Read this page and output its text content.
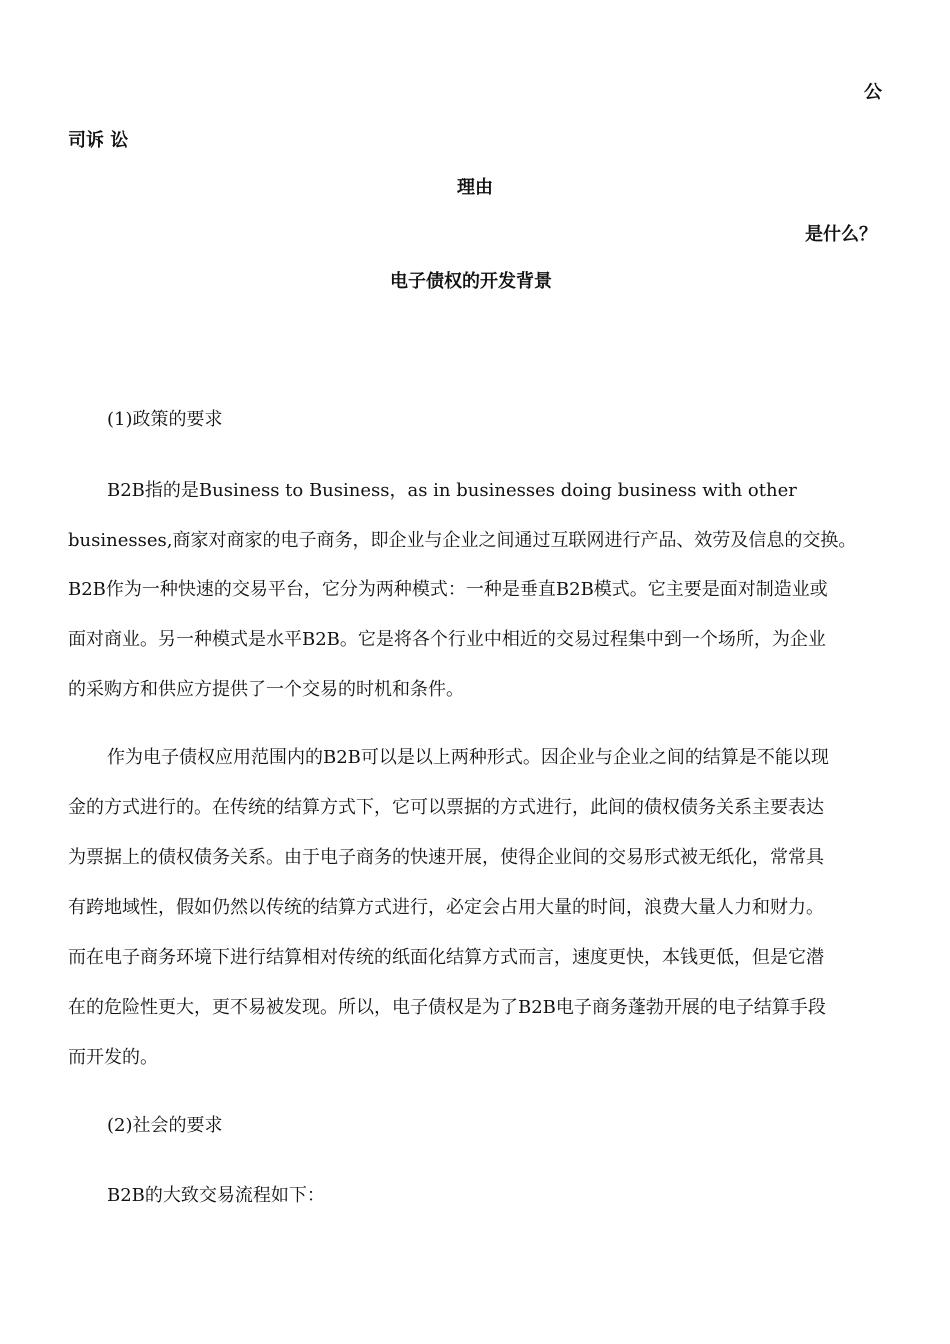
公
司诉 讼
理由
是什么？
电子债权的开发背景
(1)政策的要求
B2B指的是Business to Business，as in businesses doing business with other
businesses,商家对商家的电子商务，即企业与企业之间通过互联网进行产品、效劳及信息的交换。
B2B作为一种快速的交易平台，它分为两种模式：一种是垂直B2B模式。它主要是面对制造业或
面对商业。另一种模式是水平B2B。它是将各个行业中相近的交易过程集中到一个场所，为企业
的采购方和供应方提供了一个交易的时机和条件。
作为电子债权应用范围内的B2B可以是以上两种形式。因企业与企业之间的结算是不能以现
金的方式进行的。在传统的结算方式下，它可以票据的方式进行，此间的债权债务关系主要表达
为票据上的债权债务关系。由于电子商务的快速开展，使得企业间的交易形式被无纸化，常常具
有跨地域性，假如仍然以传统的结算方式进行，必定会占用大量的时间，浪费大量人力和财力。
而在电子商务环境下进行结算相对传统的纸面化结算方式而言，速度更快，本钱更低，但是它潜
在的危险性更大，更不易被发现。所以，电子债权是为了B2B电子商务蓬勃开展的电子结算手段
而开发的。
(2)社会的要求
B2B的大致交易流程如下：
